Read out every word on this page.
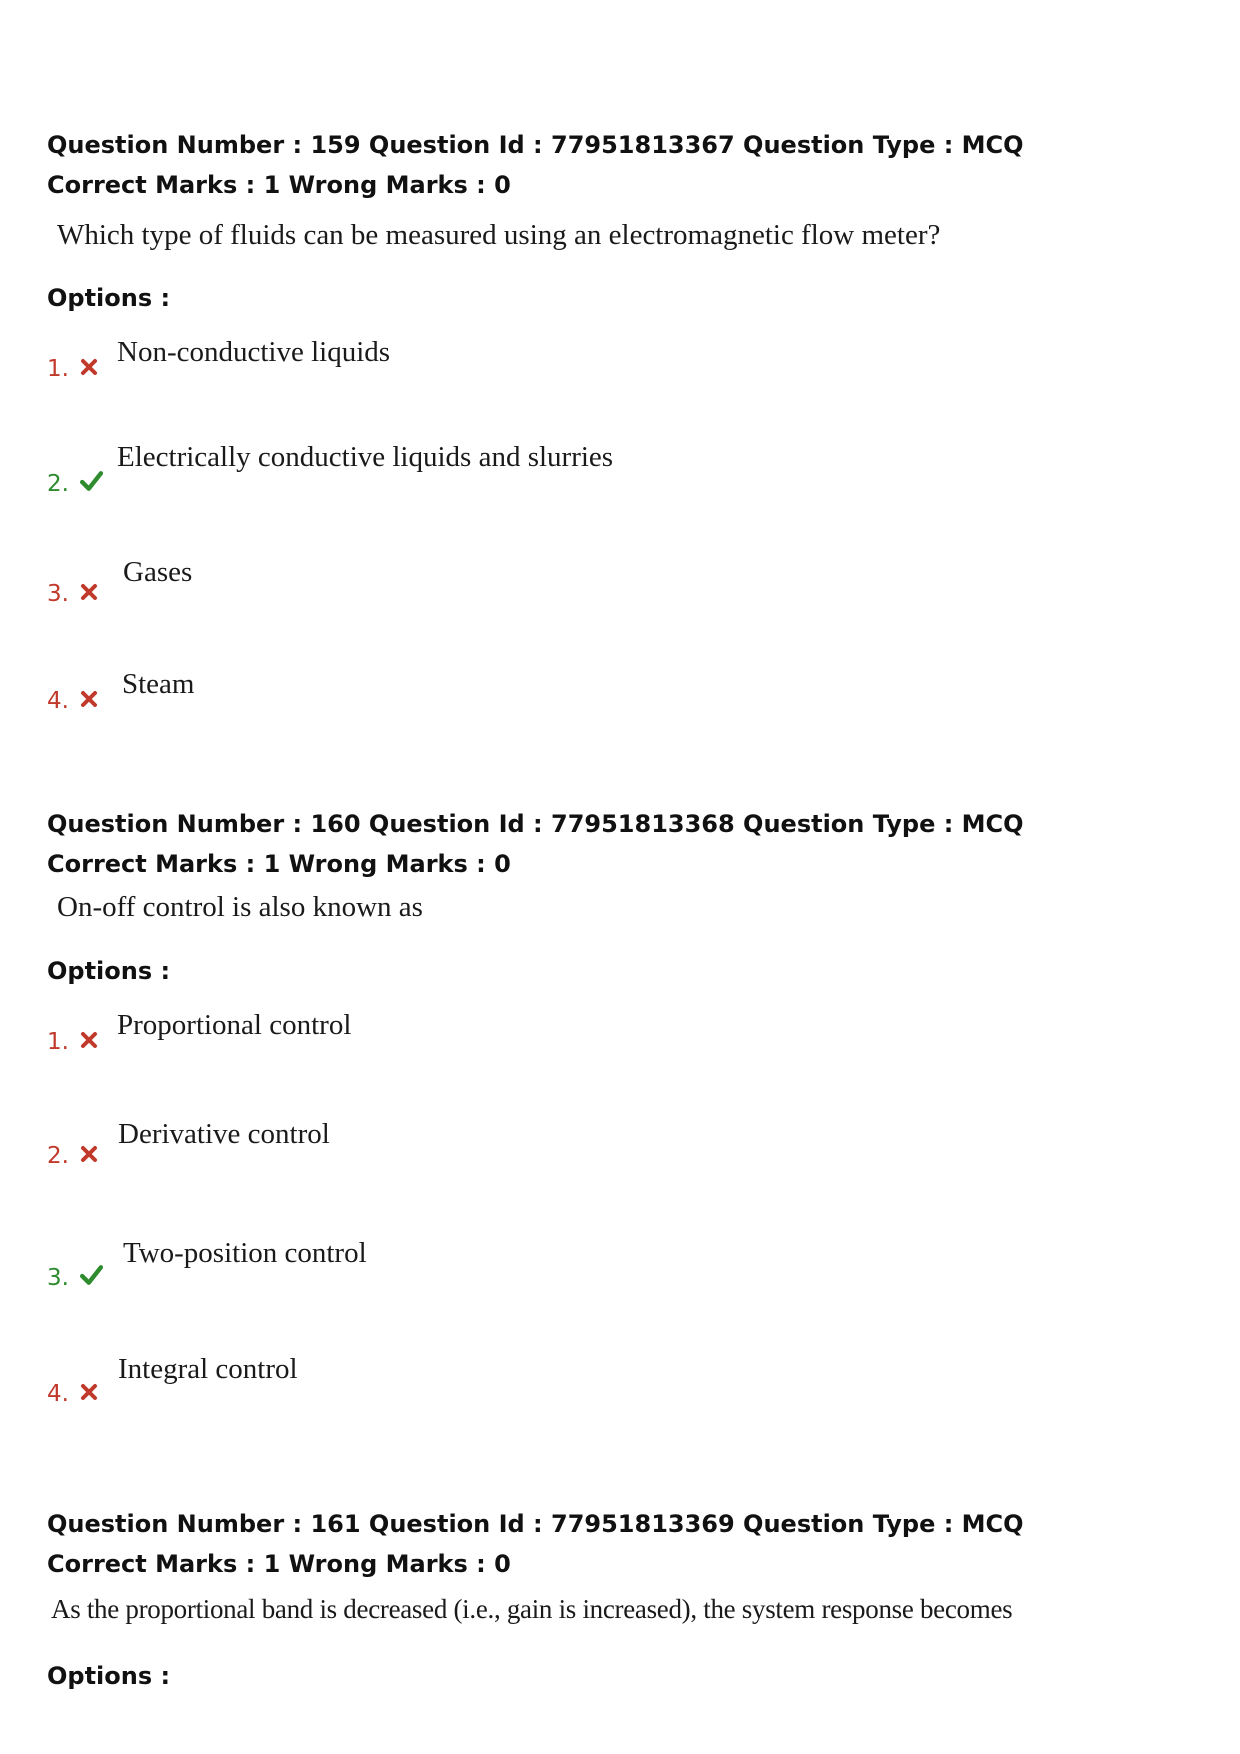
Question Number : 159 Question Id : 77951813367 Question Type : MCQ
Correct Marks : 1 Wrong Marks : 0
Which type of fluids can be measured using an electromagnetic flow meter?
Options :
1.
Non-conductive liquids
2.
Electrically conductive liquids and slurries
3.
Gases
4.
Steam
Question Number : 160 Question Id : 77951813368 Question Type : MCQ
Correct Marks : 1 Wrong Marks : 0
On-off control is also known as
Options :
1.
Proportional control
2.
Derivative control
3.
Two-position control
4.
Integral control
Question Number : 161 Question Id : 77951813369 Question Type : MCQ
Correct Marks : 1 Wrong Marks : 0
As the proportional band is decreased (i.e., gain is increased), the system response becomes
Options :
